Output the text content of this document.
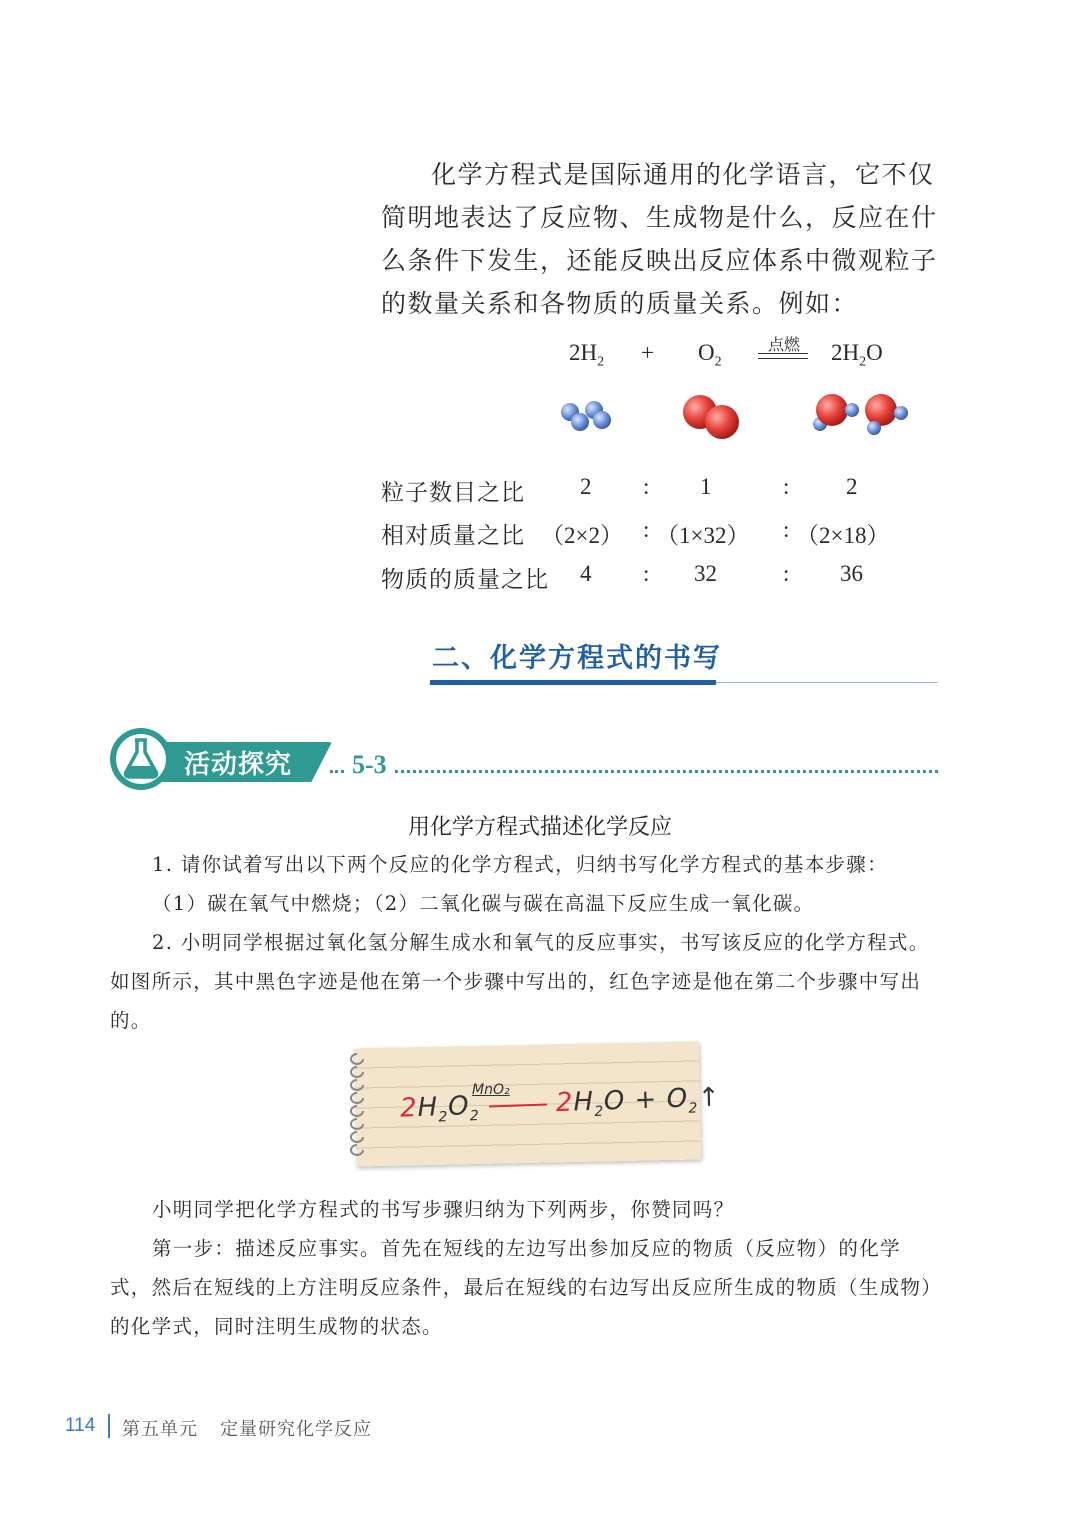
化学方程式是国际通用的化学语言，它不仅简明地表达了反应物、生成物是什么，反应在什么条件下发生，还能反映出反应体系中微观粒子的数量关系和各物质的质量关系。例如：

$2H_2 + O_2$
点燃	$2H_2O$
粒子数目之比 2 : 1	: 2
相对质量之比 （2×2） : （1×32） : （2×18）
物质的质量之比 4 : 32	: 36
二、化学方程式的书写
活动探究 5-3
用化学方程式描述化学反应
1. 请你试着写出以下两个反应的化学方程式，归纳书写化学方程式的基本步骤：
（1）碳在氧气中燃烧；（2）二氧化碳与碳在高温下反应生成一氧化碳。
2. 小明同学根据过氧化氢分解生成水和氧气的反应事实，书写该反应的化学方程式。如图所示，其中黑色字迹是他在第一个步骤中写出的，红色字迹是他在第二个步骤中写出的。
MnO₂
$2H_2O_2$	$2H_2O$ + $O_2↑$
小明同学把化学方程式的书写步骤归纳为下列两步，你赞同吗？
第一步：描述反应事实。首先在短线的左边写出参加反应的物质（反应物）的化学式，然后在短线的上方注明反应条件，最后在短线的右边写出反应所生成的物质（生成物）的化学式，同时注明生成物的状态。
114 第五单元 定量研究化学反应
